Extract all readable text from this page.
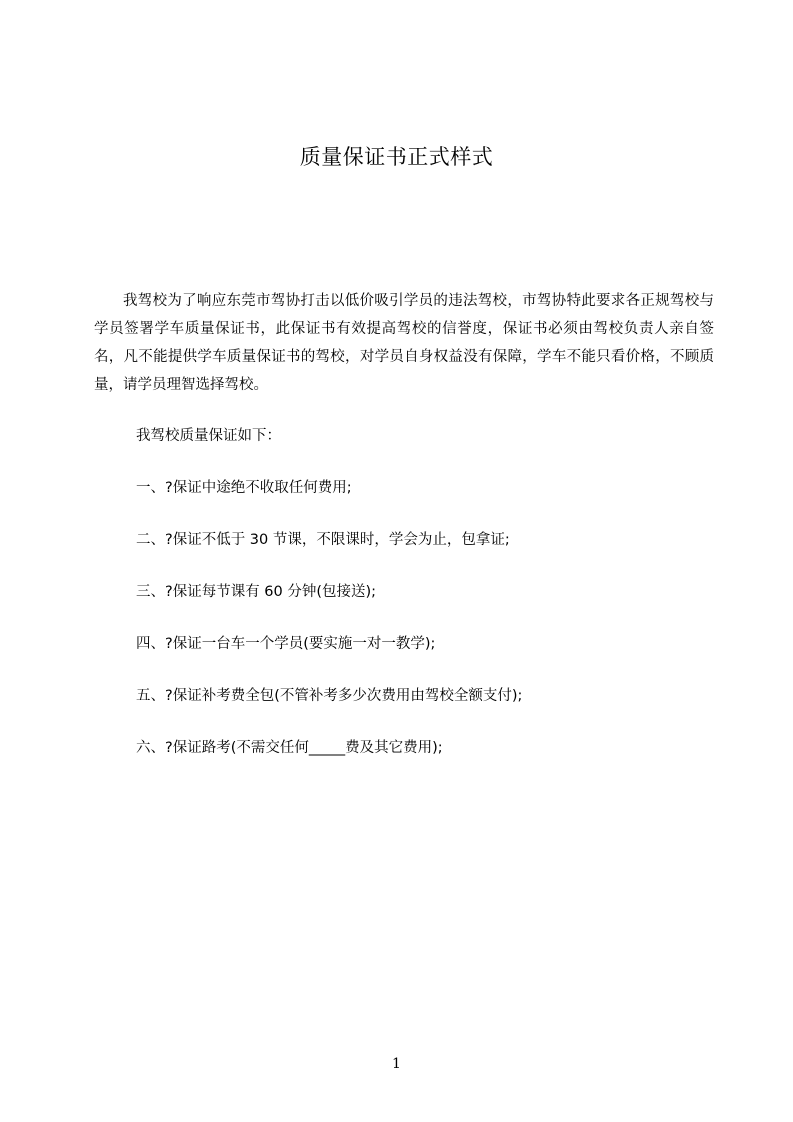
质量保证书正式样式

我驾校为了响应东莞市驾协打击以低价吸引学员的违法驾校，市驾协特此要求各正规驾校与学员签署学车质量保证书，此保证书有效提高驾校的信誉度，保证书必须由驾校负责人亲自签名，凡不能提供学车质量保证书的驾校，对学员自身权益没有保障，学车不能只看价格，不顾质量，请学员理智选择驾校。

我驾校质量保证如下：

一、?保证中途绝不收取任何费用;
二、?保证不低于 30 节课，不限课时，学会为止，包拿证;
三、?保证每节课有 60 分钟(包接送);
四、?保证一台车一个学员(要实施一对一教学);
五、?保证补考费全包(不管补考多少次费用由驾校全额支付);
六、?保证路考(不需交任何_____费及其它费用);
1
